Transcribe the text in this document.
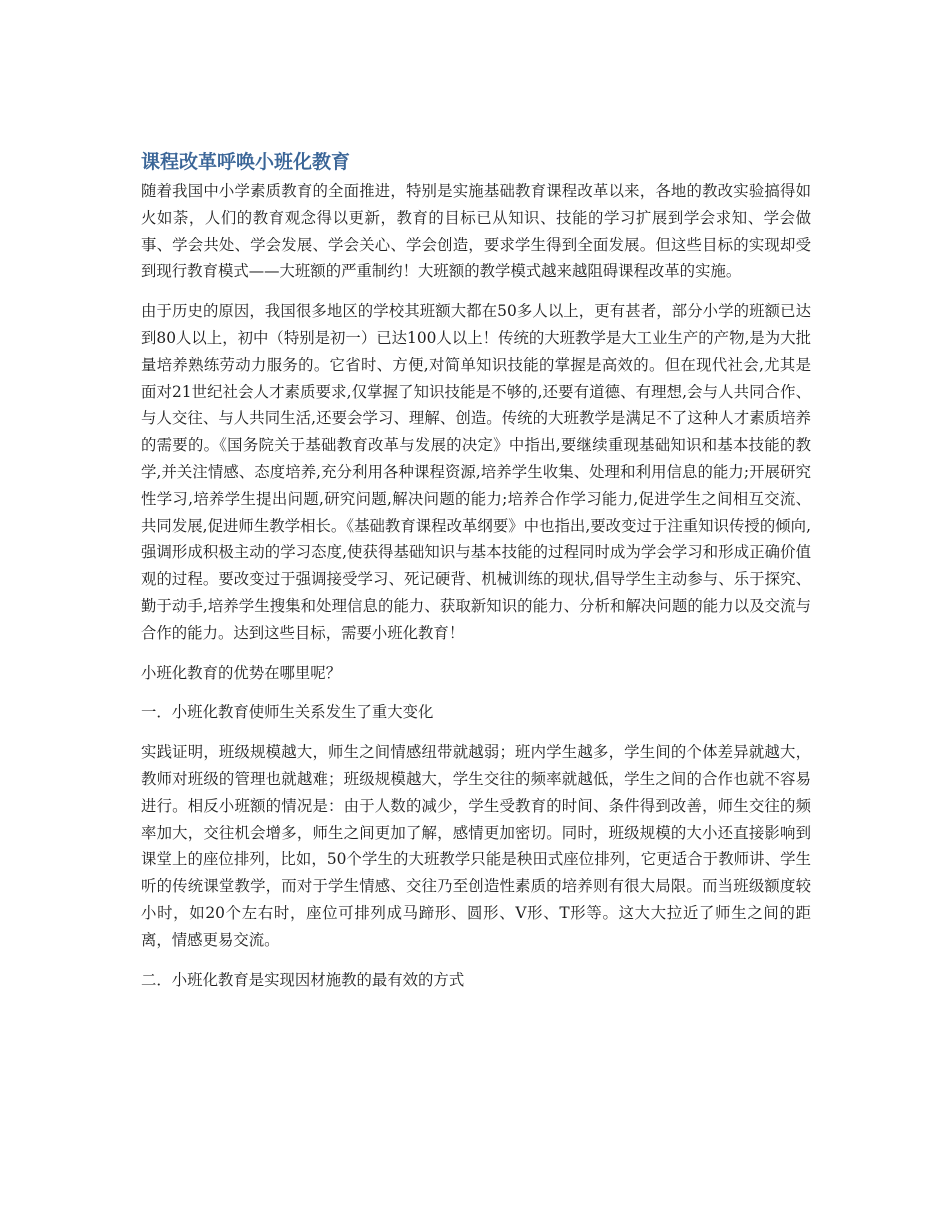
课程改革呼唤小班化教育

随着我国中小学素质教育的全面推进，特别是实施基础教育课程改革以来，各地的教改实验搞得如火如荼，人们的教育观念得以更新，教育的目标已从知识、技能的学习扩展到学会求知、学会做事、学会共处、学会发展、学会关心、学会创造，要求学生得到全面发展。但这些目标的实现却受到现行教育模式——大班额的严重制约！大班额的教学模式越来越阻碍课程改革的实施。

由于历史的原因，我国很多地区的学校其班额大都在50多人以上，更有甚者，部分小学的班额已达到80人以上，初中（特别是初一）已达100人以上！传统的大班教学是大工业生产的产物,是为大批量培养熟练劳动力服务的。它省时、方便,对简单知识技能的掌握是高效的。但在现代社会,尤其是面对21世纪社会人才素质要求,仅掌握了知识技能是不够的,还要有道德、有理想,会与人共同合作、与人交往、与人共同生活,还要会学习、理解、创造。传统的大班教学是满足不了这种人才素质培养的需要的。《国务院关于基础教育改革与发展的决定》中指出,要继续重现基础知识和基本技能的教学,并关注情感、态度培养,充分利用各种课程资源,培养学生收集、处理和利用信息的能力;开展研究性学习,培养学生提出问题,研究问题,解决问题的能力;培养合作学习能力,促进学生之间相互交流、共同发展,促进师生教学相长。《基础教育课程改革纲要》中也指出,要改变过于注重知识传授的倾向,强调形成积极主动的学习态度,使获得基础知识与基本技能的过程同时成为学会学习和形成正确价值观的过程。要改变过于强调接受学习、死记硬背、机械训练的现状,倡导学生主动参与、乐于探究、勤于动手,培养学生搜集和处理信息的能力、获取新知识的能力、分析和解决问题的能力以及交流与合作的能力。达到这些目标，需要小班化教育！

小班化教育的优势在哪里呢？

一．小班化教育使师生关系发生了重大变化

实践证明，班级规模越大，师生之间情感纽带就越弱；班内学生越多，学生间的个体差异就越大，教师对班级的管理也就越难；班级规模越大，学生交往的频率就越低，学生之间的合作也就不容易进行。相反小班额的情况是：由于人数的减少，学生受教育的时间、条件得到改善，师生交往的频率加大，交往机会增多，师生之间更加了解，感情更加密切。同时，班级规模的大小还直接影响到课堂上的座位排列，比如，50个学生的大班教学只能是秧田式座位排列，它更适合于教师讲、学生听的传统课堂教学，而对于学生情感、交往乃至创造性素质的培养则有很大局限。而当班级额度较小时，如20个左右时，座位可排列成马蹄形、圆形、V形、T形等。这大大拉近了师生之间的距离，情感更易交流。

二．小班化教育是实现因材施教的最有效的方式
